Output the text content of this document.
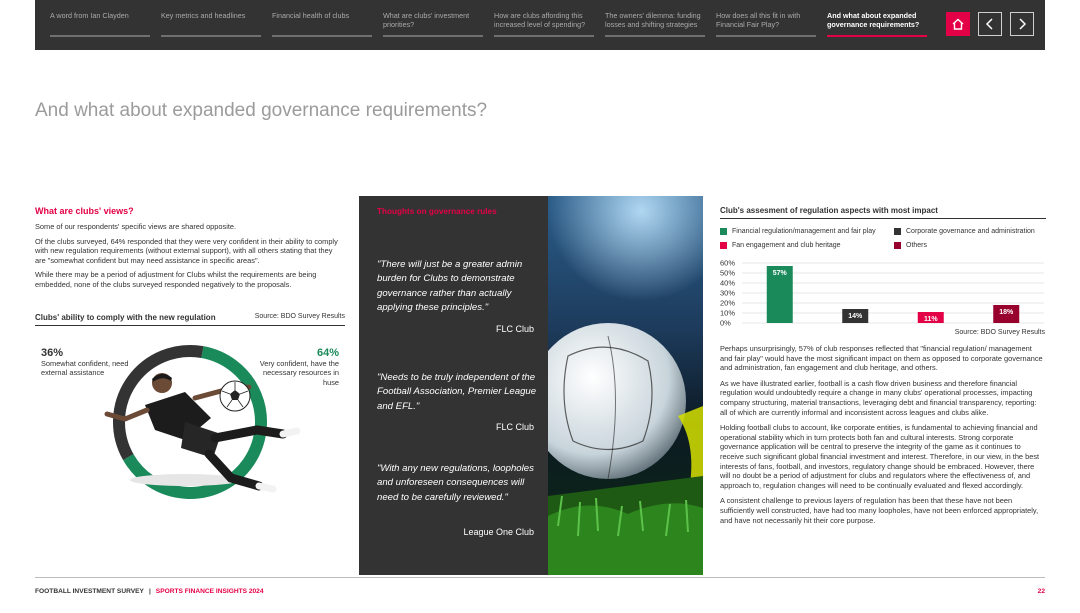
A word from Ian Clayden	Key metrics and headlines	Financial health of clubs	What are clubs' investment priorities?
How are clubs affording this increased level of spending?
The owners' dilemma: funding losses and shifting strategies
How does all this fit in with Financial Fair Play?
And what about expanded governance requirements?
And what about expanded governance requirements?
What are clubs' views?

Some of our respondents' specific views are shared opposite.

Of the clubs surveyed, 64% responded that they were very confident in their ability to comply with new regulation requirements (without external support), with all others stating that they are "somewhat confident but may need assistance in specific areas".

While there may be a period of adjustment for Clubs whilst the requirements are being embedded, none of the clubs surveyed responded negatively to the proposals.

Clubs' ability to comply with the new regulation	Source: BDO Survey Results
36%
Somewhat confident, need external assistance
64%
Very confident, have the necessary resources in huse
Thoughts on governance rules
"There will just be a greater admin burden for Clubs to demonstrate governance rather than actually applying these principles."
FLC Club
"Needs to be truly independent of the Football Association, Premier League and EFL."
FLC Club
"With any new regulations, loopholes and unforeseen consequences will need to be carefully reviewed."
League One Club
Club's assesment of regulation aspects with most impact
Financial regulation/management and fair play	Corporate governance and administration
Fan engagement and club heritage	Others
60%
50%
40%
30%
20%
10%
0%
57%
14%	11%
18%
Source: BDO Survey Results

Perhaps unsurprisingly, 57% of club responses reflected that "financial regulation/ management and fair play" would have the most significant impact on them as opposed to corporate governance and administration, fan engagement and club heritage, and others.

As we have illustrated earlier, football is a cash flow driven business and therefore financial regulation would undoubtedly require a change in many clubs' operational processes, impacting company structuring, material transactions, leveraging debt and financial transparency, reporting: all of which are currently informal and inconsistent across leagues and clubs alike.

Holding football clubs to account, like corporate entities, is fundamental to achieving financial and operational stability which in turn protects both fan and cultural interests. Strong corporate governance application will be central to preserve the integrity of the game as it continues to receive such significant global financial investment and interest. Therefore, in our view, in the best interests of fans, football, and investors, regulatory change should be embraced. However, there will no doubt be a period of adjustment for clubs and regulators where the effectiveness of, and approach to, regulation changes will need to be continually evaluated and flexed accordingly.

A consistent challenge to previous layers of regulation has been that these have not been sufficiently well constructed, have had too many loopholes, have not been enforced appropriately, and have not necessarily hit their core purpose.

FOOTBALL INVESTMENT SURVEY | SPORTS FINANCE INSIGHTS 2024	22
